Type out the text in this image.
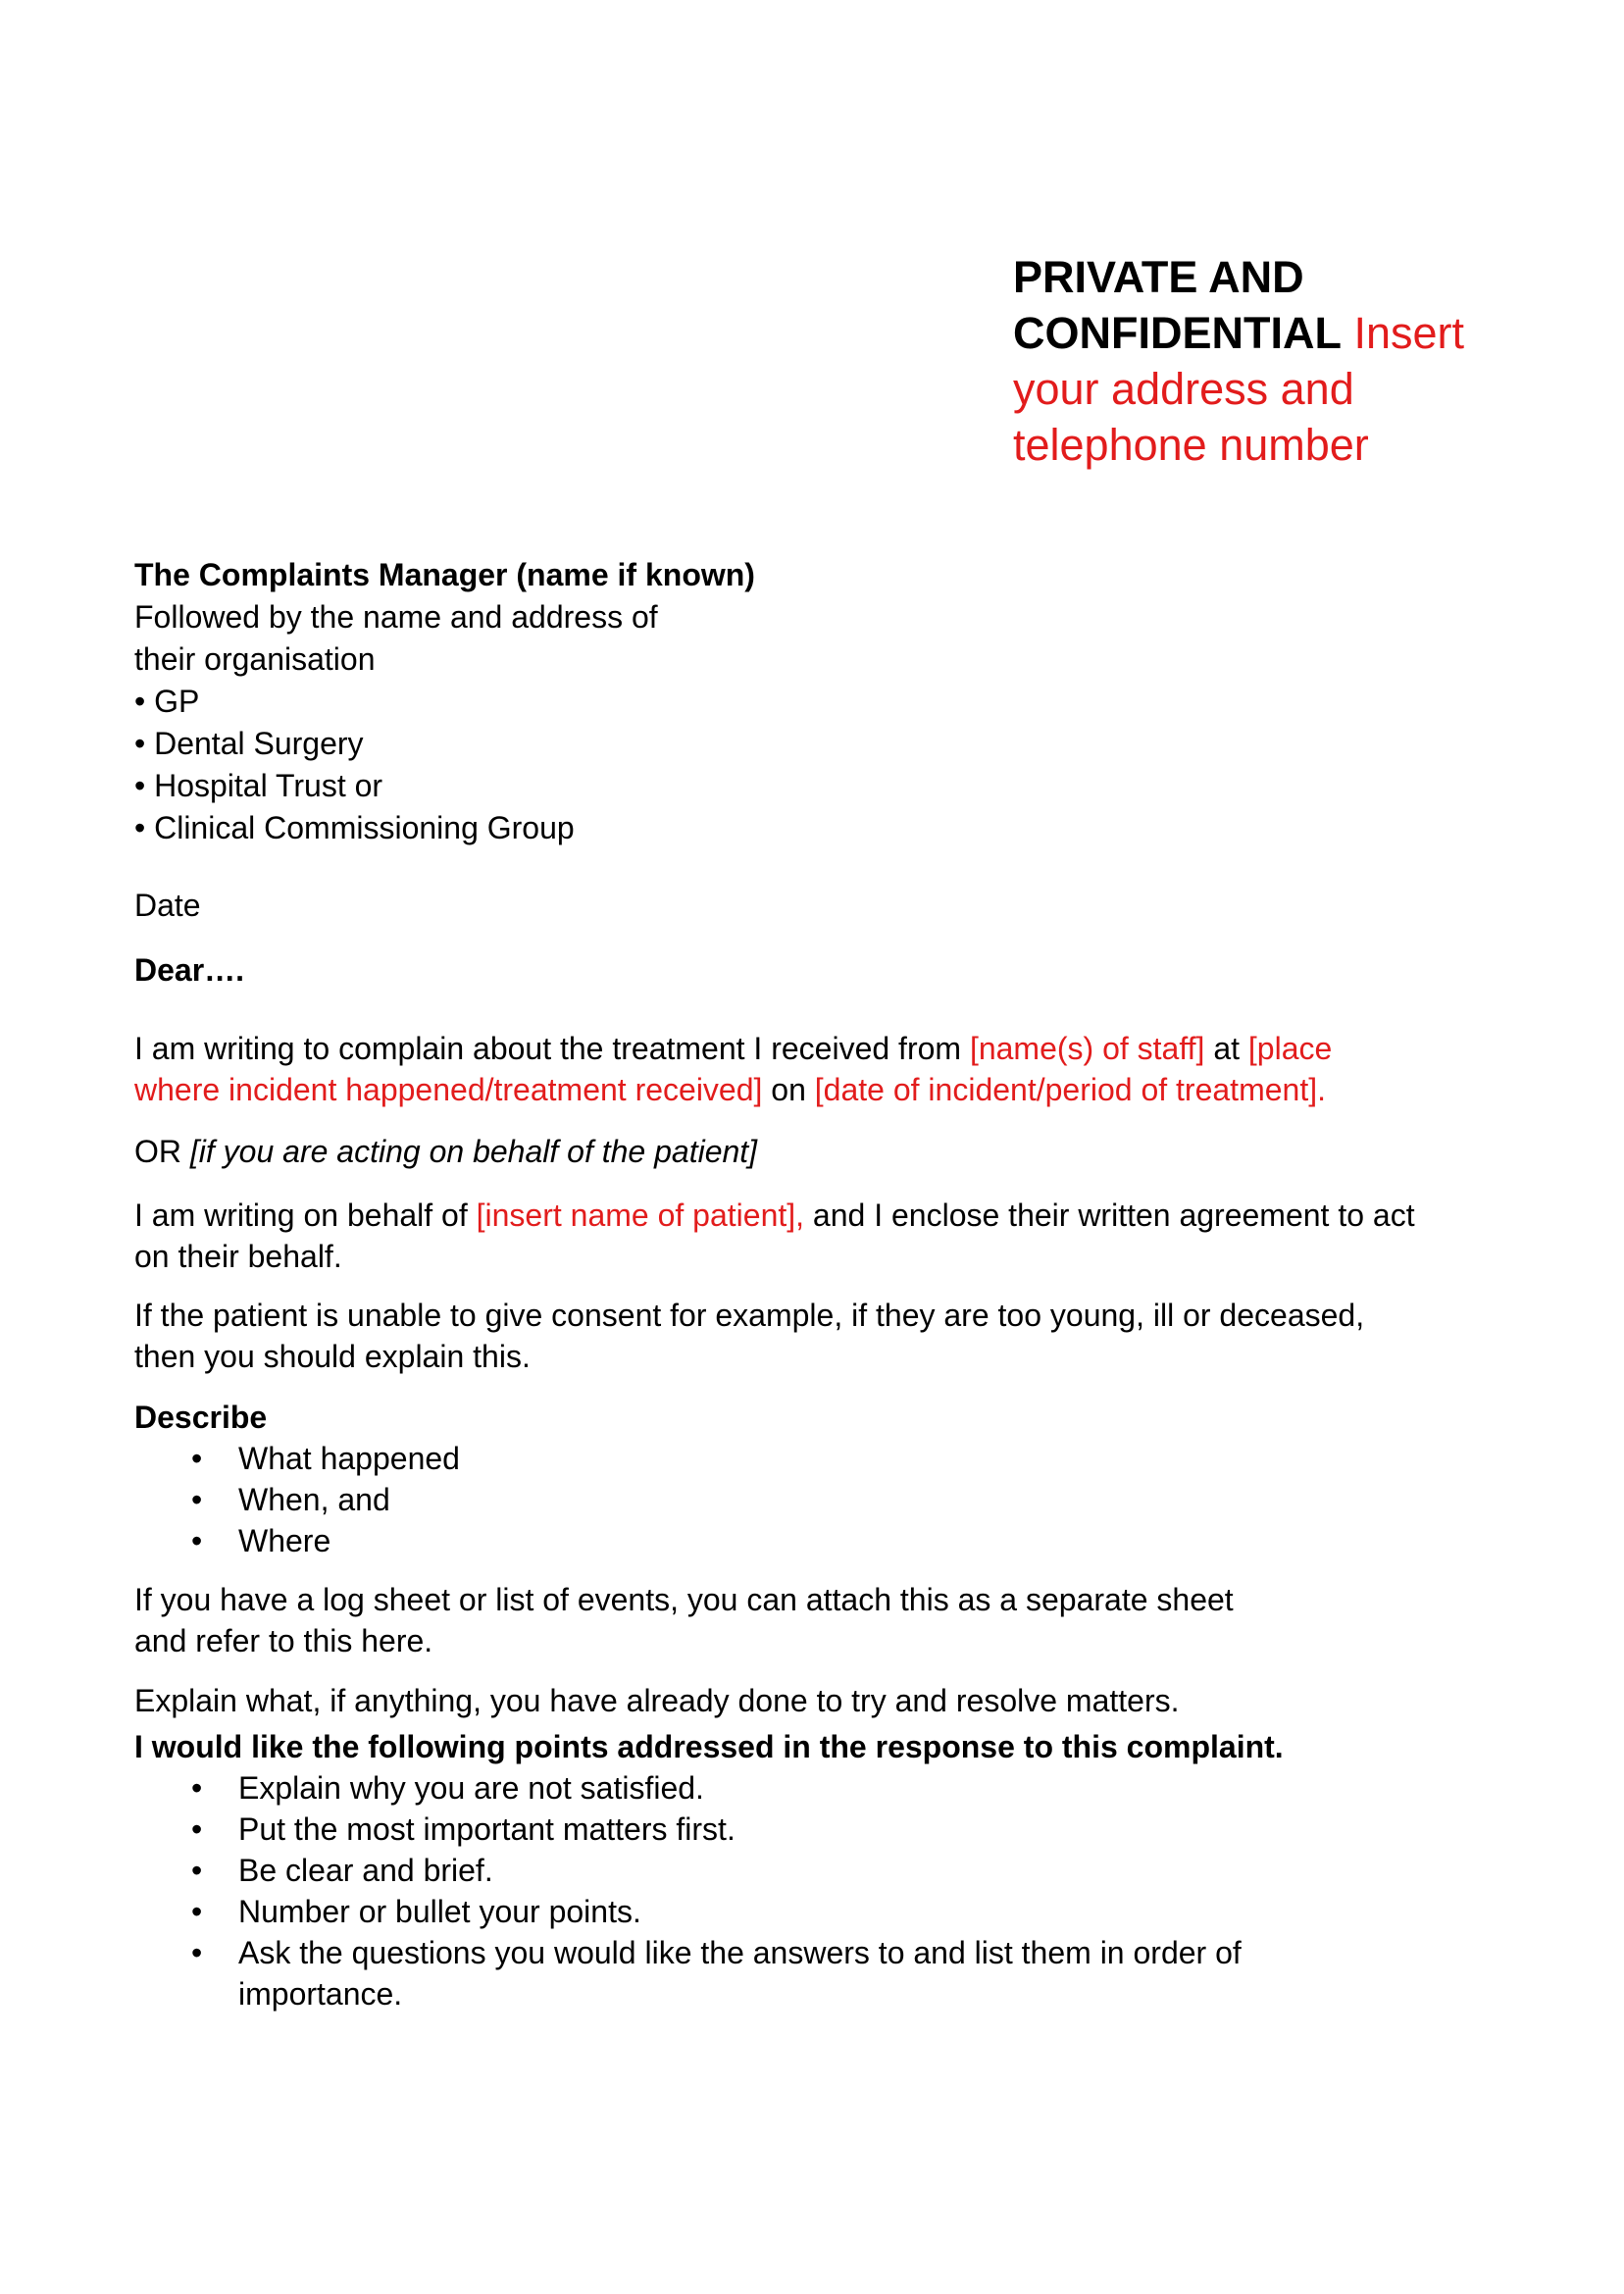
PRIVATE AND
CONFIDENTIAL Insert
your address and
telephone number
The Complaints Manager (name if known)
Followed by the name and address of
their organisation
• GP
• Dental Surgery
• Hospital Trust or
• Clinical Commissioning Group
Date
Dear….
I am writing to complain about the treatment I received from [name(s) of staff] at [place
where incident happened/treatment received] on [date of incident/period of treatment].
OR [if you are acting on behalf of the patient]
I am writing on behalf of [insert name of patient], and I enclose their written agreement to act
on their behalf.
If the patient is unable to give consent for example, if they are too young, ill or deceased,
then you should explain this.
Describe
• What happened
• When, and
• Where
If you have a log sheet or list of events, you can attach this as a separate sheet
and refer to this here.
Explain what, if anything, you have already done to try and resolve matters.
I would like the following points addressed in the response to this complaint.
• Explain why you are not satisfied.
• Put the most important matters first.
• Be clear and brief.
• Number or bullet your points.
• Ask the questions you would like the answers to and list them in order of
importance.
